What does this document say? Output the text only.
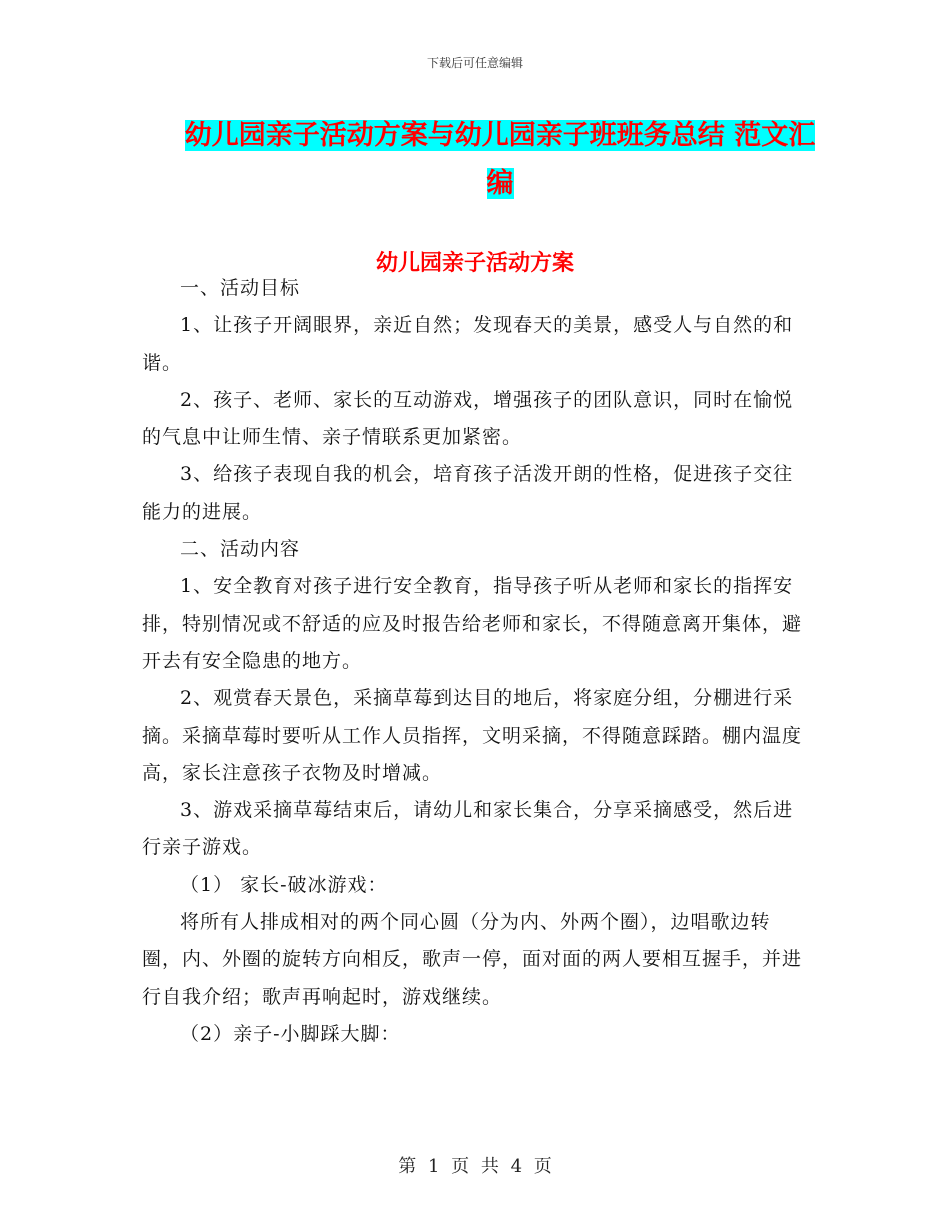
下载后可任意编辑
幼儿园亲子活动方案与幼儿园亲子班班务总结 范文汇编
幼儿园亲子活动方案

一、活动目标

1、让孩子开阔眼界，亲近自然；发现春天的美景，感受人与自然的和谐。

2、孩子、老师、家长的互动游戏，增强孩子的团队意识，同时在愉悦的气息中让师生情、亲子情联系更加紧密。

3、给孩子表现自我的机会，培育孩子活泼开朗的性格，促进孩子交往能力的进展。

二、活动内容

1、安全教育对孩子进行安全教育，指导孩子听从老师和家长的指挥安排，特别情况或不舒适的应及时报告给老师和家长，不得随意离开集体，避开去有安全隐患的地方。

2、观赏春天景色，采摘草莓到达目的地后，将家庭分组，分棚进行采摘。采摘草莓时要听从工作人员指挥，文明采摘，不得随意踩踏。棚内温度高，家长注意孩子衣物及时增减。

3、游戏采摘草莓结束后，请幼儿和家长集合，分享采摘感受，然后进行亲子游戏。

（1） 家长-破冰游戏：

将所有人排成相对的两个同心圆（分为内、外两个圈），边唱歌边转圈，内、外圈的旋转方向相反，歌声一停，面对面的两人要相互握手，并进行自我介绍；歌声再响起时，游戏继续。

（2）亲子-小脚踩大脚：

第 1 页 共 4 页
